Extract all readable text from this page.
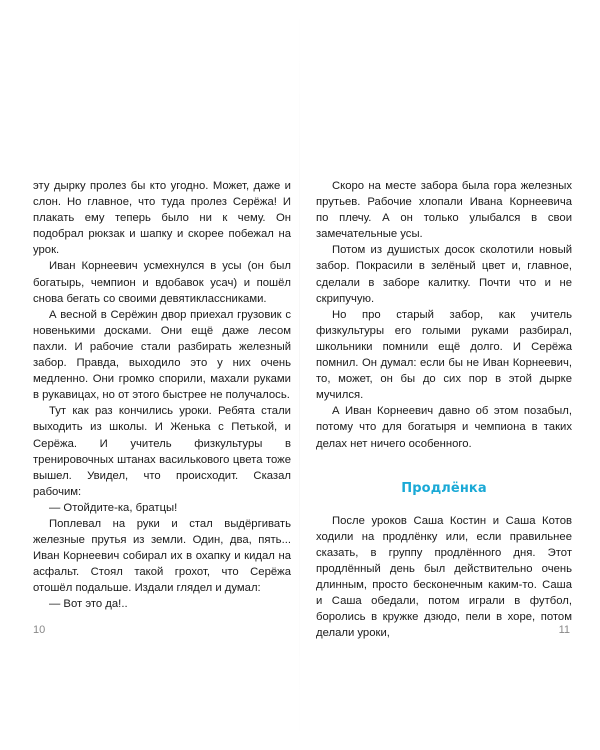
эту дырку пролез бы кто угодно. Может, даже и слон. Но главное, что туда пролез Серёжа! И плакать ему теперь было ни к чему. Он подобрал рюкзак и шапку и скорее побежал на урок.

Иван Корнеевич усмехнулся в усы (он был богатырь, чемпион и вдобавок усач) и пошёл снова бегать со своими девятиклассниками.

А весной в Серёжин двор приехал грузовик с новенькими досками. Они ещё даже лесом пахли. И рабочие стали разбирать железный забор. Правда, выходило это у них очень медленно. Они громко спорили, махали руками в рукавицах, но от этого быстрее не получалось.

Тут как раз кончились уроки. Ребята стали выходить из школы. И Женька с Петькой, и Серёжа. И учитель физкультуры в тренировочных штанах василькового цвета тоже вышел. Увидел, что происходит. Сказал рабочим:

— Отойдите-ка, братцы!

Поплевал на руки и стал выдёргивать железные прутья из земли. Один, два, пять... Иван Корнеевич собирал их в охапку и кидал на асфальт. Стоял такой грохот, что Серёжа отошёл подальше. Издали глядел и думал:

— Вот это да!..

10

Скоро на месте забора была гора железных прутьев. Рабочие хлопали Ивана Корнеевича по плечу. А он только улыбался в свои замечательные усы.

Потом из душистых досок сколотили новый забор. Покрасили в зелёный цвет и, главное, сделали в заборе калитку. Почти что и не скрипучую.

Но про старый забор, как учитель физкультуры его голыми руками разбирал, школьники помнили ещё долго. И Серёжа помнил. Он думал: если бы не Иван Корнеевич, то, может, он бы до сих пор в этой дырке мучился.

А Иван Корнеевич давно об этом позабыл, потому что для богатыря и чемпиона в таких делах нет ничего особенного.

Продлёнка

После уроков Саша Костин и Саша Котов ходили на продлёнку или, если правильнее сказать, в группу продлённого дня. Этот продлённый день был действительно очень длинным, просто бесконечным каким-то. Саша и Саша обедали, потом играли в футбол, боролись в кружке дзюдо, пели в хоре, потом делали уроки,	11
